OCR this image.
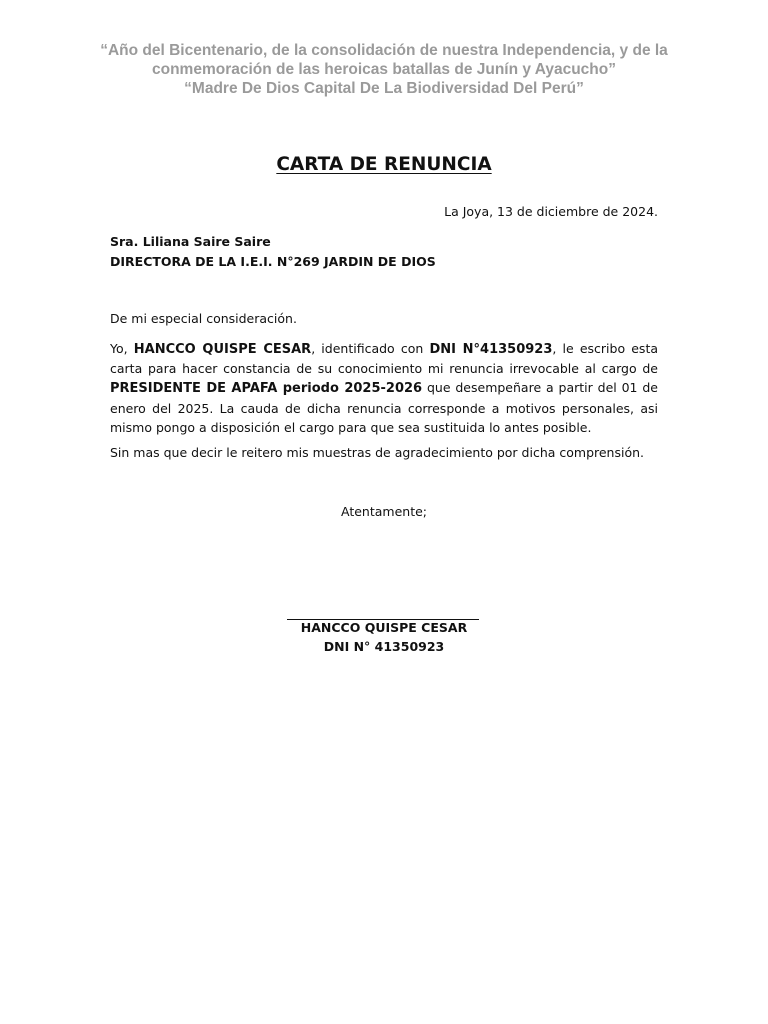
“Año del Bicentenario, de la consolidación de nuestra Independencia, y de la
conmemoración de las heroicas batallas de Junín y Ayacucho”
“Madre De Dios Capital De La Biodiversidad Del Perú”
CARTA DE RENUNCIA
La Joya, 13 de diciembre de 2024.
Sra. Liliana Saire Saire
DIRECTORA DE LA I.E.I. N°269 JARDIN DE DIOS
De mi especial consideración.
Yo, HANCCO QUISPE CESAR, identificado con DNI N°41350923, le escribo esta carta para hacer constancia de su conocimiento mi renuncia irrevocable al cargo de PRESIDENTE DE APAFA periodo 2025-2026 que desempeñare a partir del 01 de enero del 2025. La cauda de dicha renuncia corresponde a motivos personales, asi mismo pongo a disposición el cargo para que sea sustituida lo antes posible.
Sin mas que decir le reitero mis muestras de agradecimiento por dicha comprensión.
Atentamente;
HANCCO QUISPE CESAR
DNI N° 41350923
